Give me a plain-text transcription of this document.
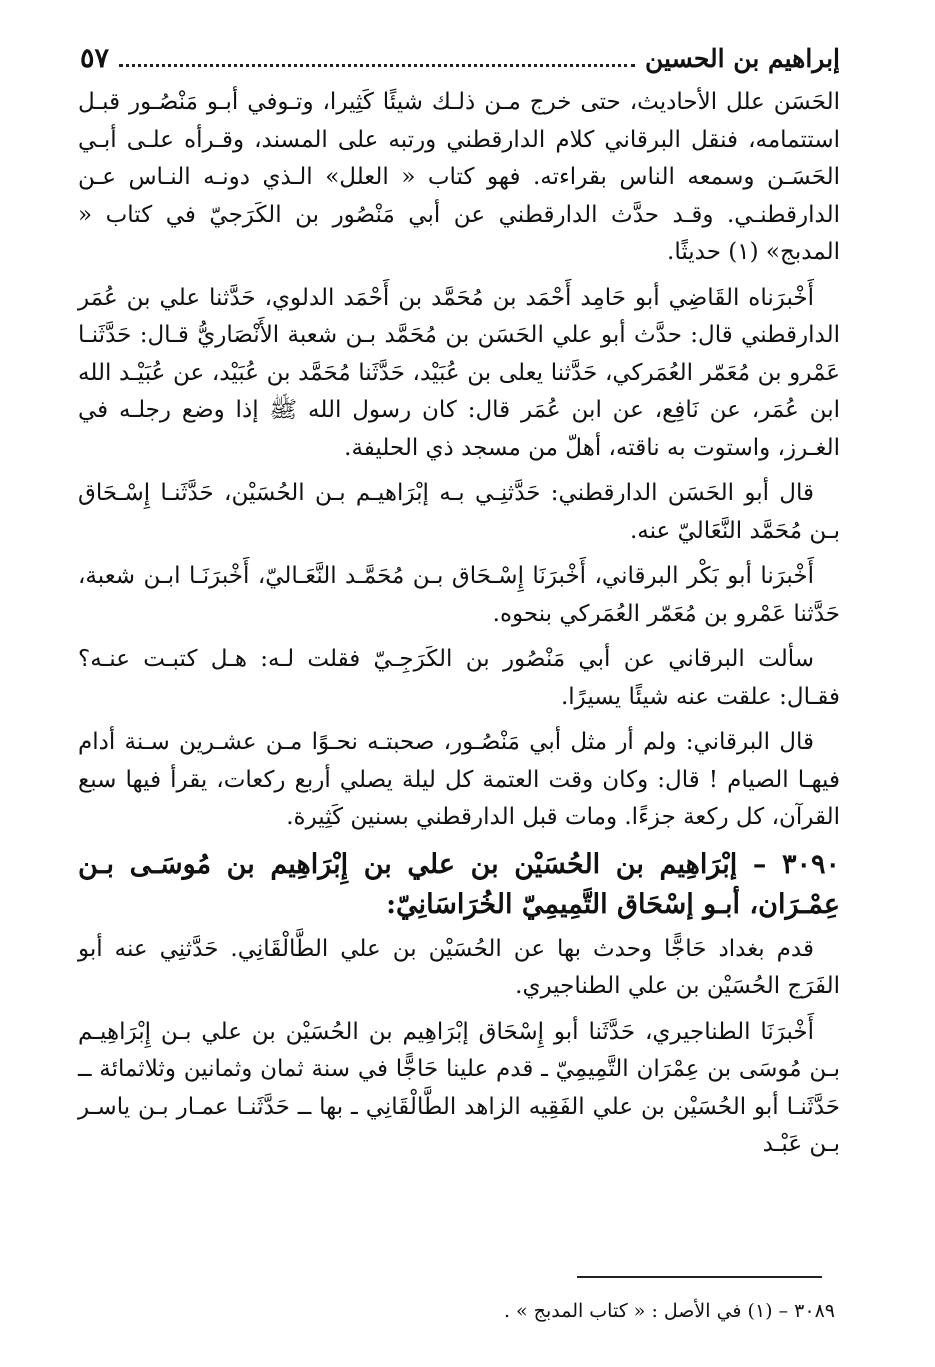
إبراهيم بن الحسين
٥٧

الحَسَن علل الأحاديث، حتى خرج مـن ذلـك شيئًا كَثِيرا، وتـوفي أبـو مَنْصُـور قبـل استتمامه، فنقل البرقاني كلام الدارقطني ورتبه على المسند، وقـرأه علـى أبـي الحَسَـن وسمعه الناس بقراءته. فهو كتاب « العلل» الـذي دونـه النـاس عـن الدارقطنـي. وقـد حدَّث الدارقطني عن أبي مَنْصُور بن الكَرَجيّ في كتاب « المدبج» (١) حديثًا.

أَخْبرَناه القَاضِي أبو حَامِد أَحْمَد بن مُحَمَّد بن أَحْمَد الدلوي، حَدَّثنا علي بن عُمَر الدارقطني قال: حدَّث أبو علي الحَسَن بن مُحَمَّد بـن شعبة الأَنْصَاريُّ قـال: حَدَّثَنـا عَمْرو بن مُعَمّر العُمَركي، حَدَّثنا يعلى بن عُبَيْد، حَدَّثَنا مُحَمَّد بن عُبَيْد، عن عُبَيْـد الله ابن عُمَر، عن نَافِع، عن ابن عُمَر قال: كان رسول الله ﷺ إذا وضع رجلـه في الغـرز، واستوت به ناقته، أهلّ من مسجد ذي الحليفة.

قال أبو الحَسَن الدارقطني: حَدَّثنِـي بـه إبْرَاهيـم بـن الحُسَيْن، حَدَّثَنـا إِسْـحَاق بـن مُحَمَّد النَّعَاليّ عنه.

أَخْبرَنا أبو بَكْر البرقاني، أَخْبرَنَا إِسْـحَاق بـن مُحَمَّـد النَّعَـاليّ، أَخْبرَنَـا ابـن شعبة، حَدَّثنا عَمْرو بن مُعَمّر العُمَركي بنحوه.

سألت البرقاني عن أبي مَنْصُور بن الكَرَجِـيّ فقلت لـه: هـل كتبـت عنـه؟ فقـال: علقت عنه شيئًا يسيرًا.

قال البرقاني: ولم أر مثل أبي مَنْصُـور، صحبتـه نحـوًا مـن عشـرين سـنة أدام فيهـا الصيام ! قال: وكان وقت العتمة كل ليلة يصلي أربع ركعات، يقرأ فيها سبع القرآن، كل ركعة جزءًا. ومات قبل الدارقطني بسنين كَثِيرة.

٣٠٩٠ – إبْرَاهِيم بن الحُسَيْن بن علي بن إِبْرَاهِيم بن مُوسَـى بـن عِمْـرَان، أبـو إسْحَاق التَّمِيمِيّ الخُرَاسَانِيّ:

قدم بغداد حَاجًّا وحدث بها عن الحُسَيْن بن علي الطَّالْقَانِي. حَدَّثنِي عنه أبو الفَرَج الحُسَيْن بن علي الطناجيري.

أَخْبرَنَا الطناجيري، حَدَّثَنا أبو إِسْحَاق إبْرَاهِيم بن الحُسَيْن بن علي بـن إِبْرَاهِيـم بـن مُوسَى بن عِمْرَان التَّمِيمِيّ ـ قدم علينا حَاجًّا في سنة ثمان وثمانين وثلاثمائة ــ حَدَّثَنـا أبو الحُسَيْن بن علي الفَقِيه الزاهد الطَّالْقَانِي ـ بها ــ حَدَّثَنـا عمـار بـن ياسـر بـن عَبْـد

٣٠٨٩ – (١) في الأصل : « كتاب المدبج » .
